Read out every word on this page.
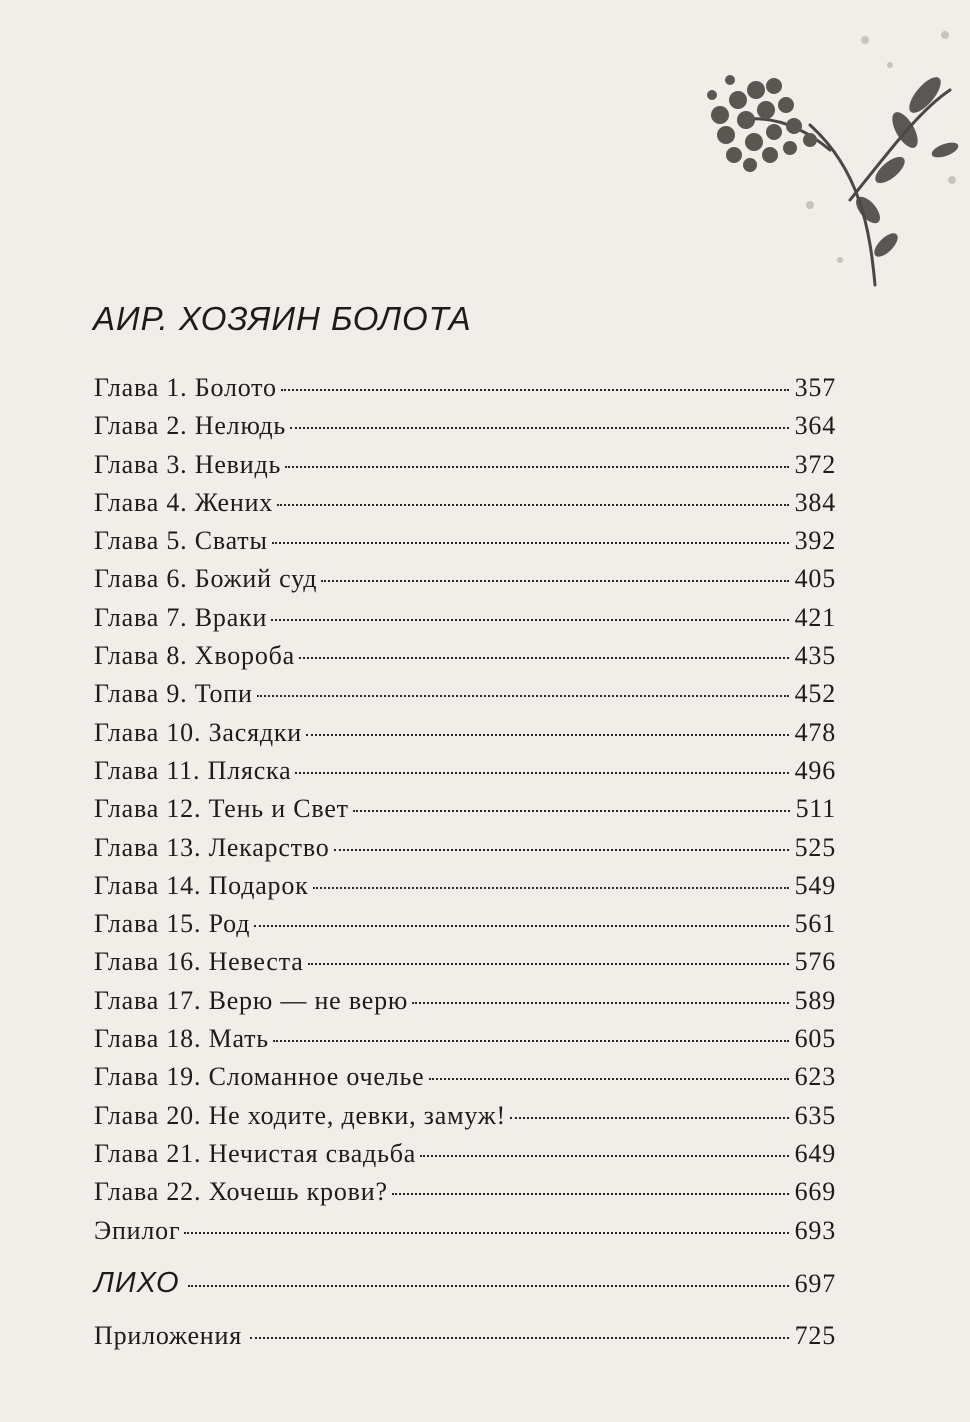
АИР. ХОЗЯИН БОЛОТА
Глава 1. Болото	357
Глава 2. Нелюдь	364
Глава 3. Невидь	372
Глава 4. Жених	384
Глава 5. Сваты	392
Глава 6. Божий суд	405
Глава 7. Враки	421
Глава 8. Хвороба	435
Глава 9. Топи	452
Глава 10. Засядки	478
Глава 11. Пляска	496
Глава 12. Тень и Свет	511
Глава 13. Лекарство	525
Глава 14. Подарок	549
Глава 15. Род	561
Глава 16. Невеста	576
Глава 17. Верю — не верю	589
Глава 18. Мать	605
Глава 19. Сломанное очелье	623
Глава 20. Не ходите, девки, замуж!	635
Глава 21. Нечистая свадьба	649
Глава 22. Хочешь крови?	669
Эпилог	693
ЛИХО	697
Приложения	725
